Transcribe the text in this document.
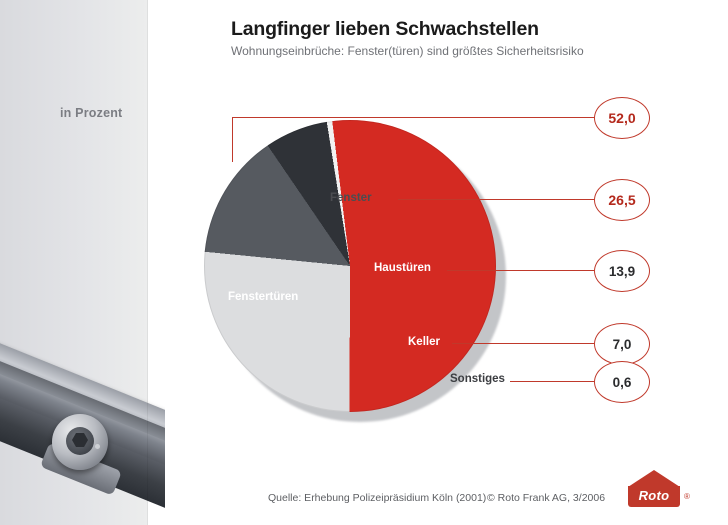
in Prozent
Langfinger lieben Schwachstellen
Wohnungseinbrüche: Fenster(türen) sind größtes Sicherheitsrisiko
Fenster
Fenstertüren
Haustüren
Keller
Sonstiges
52,0
26,5
13,9
7,0
0,6
Quelle: Erhebung Polizeipräsidium Köln (2001) © Roto Frank AG, 3/2006	Roto	®
